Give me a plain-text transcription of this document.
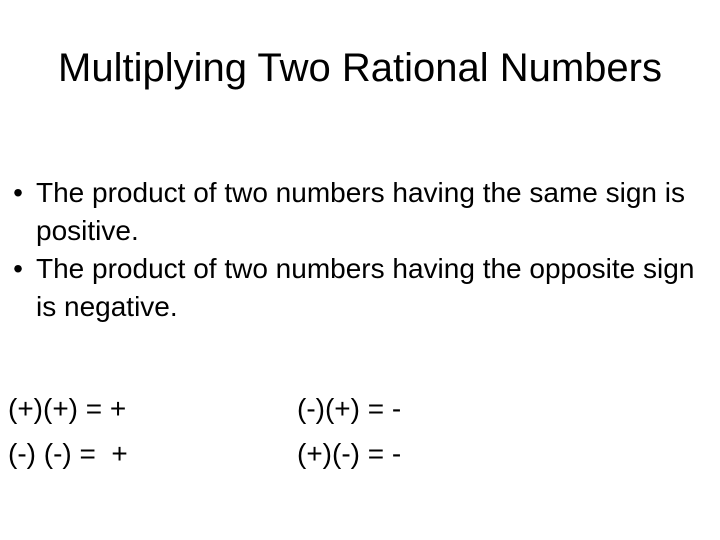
Multiplying Two Rational Numbers
• The product of two numbers having the same sign is positive.
• The product of two numbers having the opposite sign is negative.
(+)(+) = +
(-) (-) =  +
(-)(+) = -
(+)(-) = -
